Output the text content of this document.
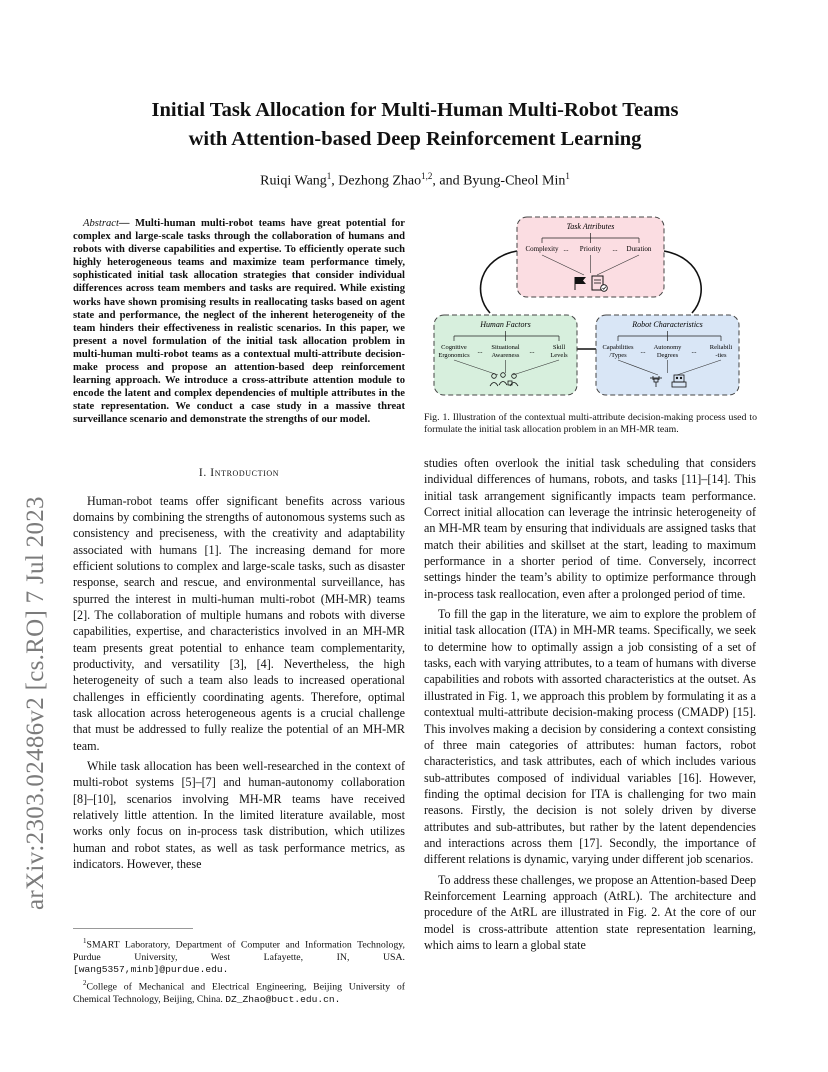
arXiv:2303.02486v2 [cs.RO] 7 Jul 2023
Initial Task Allocation for Multi-Human Multi-Robot Teams
with Attention-based Deep Reinforcement Learning
Ruiqi Wang$^1$, Dezhong Zhao$^{1,2}$, and Byung-Cheol Min$^1$

Abstract— Multi-human multi-robot teams have great potential for complex and large-scale tasks through the collaboration of humans and robots with diverse capabilities and expertise. To efficiently operate such highly heterogeneous teams and maximize team performance timely, sophisticated initial task allocation strategies that consider individual differences across team members and tasks are required. While existing works have shown promising results in reallocating tasks based on agent state and performance, the neglect of the inherent heterogeneity of the team hinders their effectiveness in realistic scenarios. In this paper, we present a novel formulation of the initial task allocation problem in multi-human multi-robot teams as a contextual multi-attribute decision-make process and propose an attention-based deep reinforcement learning approach. We introduce a cross-attribute attention module to encode the latent and complex dependencies of multiple attributes in the state representation. We conduct a case study in a massive threat surveillance scenario and demonstrate the strengths of our model.

I. Introduction

Human-robot teams offer significant benefits across various domains by combining the strengths of autonomous systems such as consistency and preciseness, with the creativity and adaptability associated with humans [1]. The increasing demand for more efficient solutions to complex and large-scale tasks, such as disaster response, search and rescue, and environmental surveillance, has spurred the interest in multi-human multi-robot (MH-MR) teams [2]. The collaboration of multiple humans and robots with diverse capabilities, expertise, and characteristics involved in an MH-MR team presents great potential to enhance team complementarity, productivity, and versatility [3], [4]. Nevertheless, the high heterogeneity of such a team also leads to increased operational challenges in efficiently coordinating agents. Therefore, optimal task allocation across heterogeneous agents is a crucial challenge that must be addressed to fully realize the potential of an MH-MR team.

While task allocation has been well-researched in the context of multi-robot systems [5]–[7] and human-autonomy collaboration [8]–[10], scenarios involving MH-MR teams have received relatively little attention. In the limited literature available, most works only focus on in-process task distribution, which utilizes human and robot states, as well as task performance metrics, as indicators. However, these

$^1$SMART Laboratory, Department of Computer and Information Technology, Purdue University, West Lafayette, IN, USA. [wang5357,minb]@purdue.edu.

$^2$College of Mechanical and Electrical Engineering, Beijing University of Chemical Technology, Beijing, China. DZ_Zhao@buct.edu.cn.

Task Attributes
Complexity ... Priority ... Duration
Human Factors
Cognitive
Ergonomics
... Situational
Awareness
...	Skill
Levels
Robot Characteristics
Capabilities
/Types
... Autonomy
Degrees
... Reliabili
-ties
Fig. 1. Illustration of the contextual multi-attribute decision-making process used to formulate the initial task allocation problem in an MH-MR team.

studies often overlook the initial task scheduling that considers individual differences of humans, robots, and tasks [11]–[14]. This initial task arrangement significantly impacts team performance. Correct initial allocation can leverage the intrinsic heterogeneity of an MH-MR team by ensuring that individuals are assigned tasks that match their abilities and skillset at the start, leading to maximum performance in a shorter period of time. Conversely, incorrect settings hinder the team’s ability to optimize performance through in-process task reallocation, even after a prolonged period of time.

To fill the gap in the literature, we aim to explore the problem of initial task allocation (ITA) in MH-MR teams. Specifically, we seek to determine how to optimally assign a job consisting of a set of tasks, each with varying attributes, to a team of humans with diverse capabilities and robots with assorted characteristics at the outset. As illustrated in Fig. 1, we approach this problem by formulating it as a contextual multi-attribute decision-making process (CMADP) [15]. This involves making a decision by considering a context consisting of three main categories of attributes: human factors, robot characteristics, and task attributes, each of which includes various sub-attributes composed of individual variables [16]. However, finding the optimal decision for ITA is challenging for two main reasons. Firstly, the decision is not solely driven by diverse attributes and sub-attributes, but rather by the latent dependencies and interactions across them [17]. Secondly, the importance of different relations is dynamic, varying under different job scenarios.

To address these challenges, we propose an Attention-based Deep Reinforcement Learning approach (AtRL). The architecture and procedure of the AtRL are illustrated in Fig. 2. At the core of our model is cross-attribute attention state representation learning, which aims to learn a global state
